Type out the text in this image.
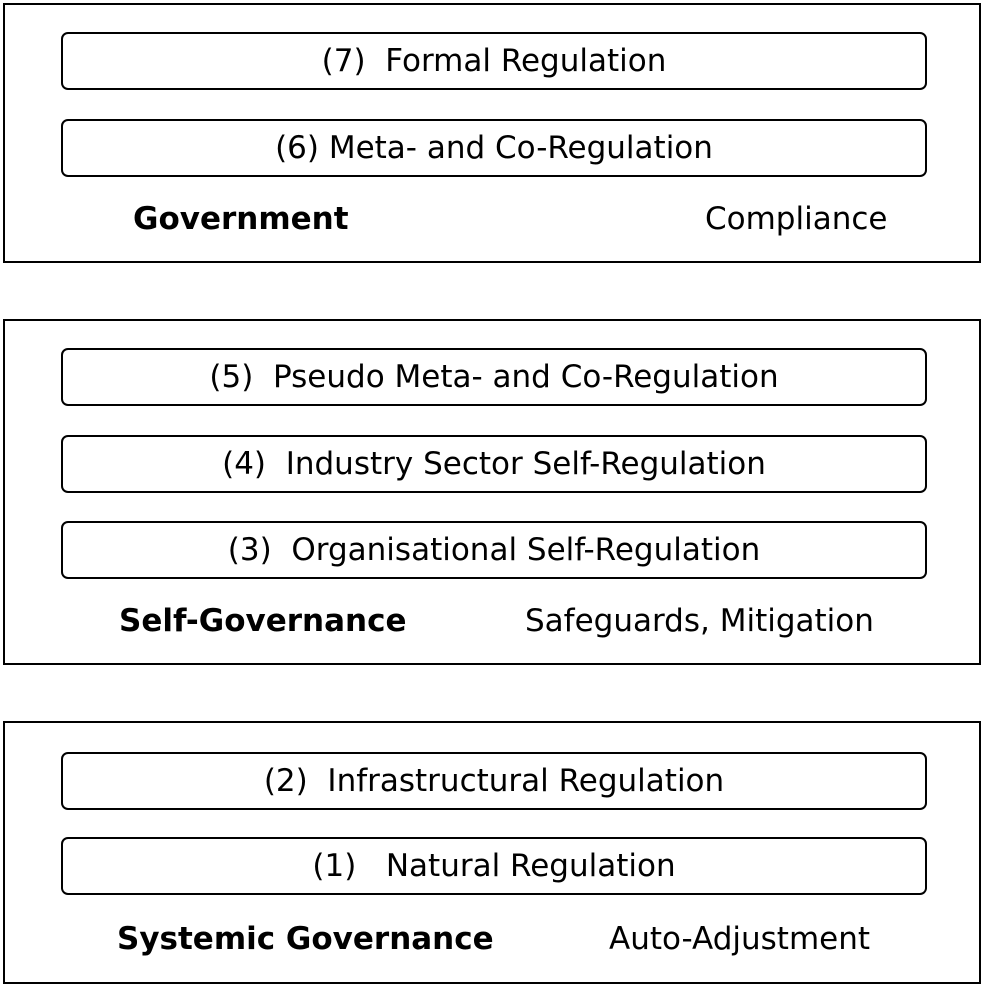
(7)  Formal Regulation
(6) Meta- and Co-Regulation
Government	Compliance
(5)  Pseudo Meta- and Co-Regulation
(4)  Industry Sector Self-Regulation
(3)  Organisational Self-Regulation
Self-Governance	Safeguards, Mitigation
(2)  Infrastructural Regulation
(1)   Natural Regulation
Systemic Governance	Auto-Adjustment
